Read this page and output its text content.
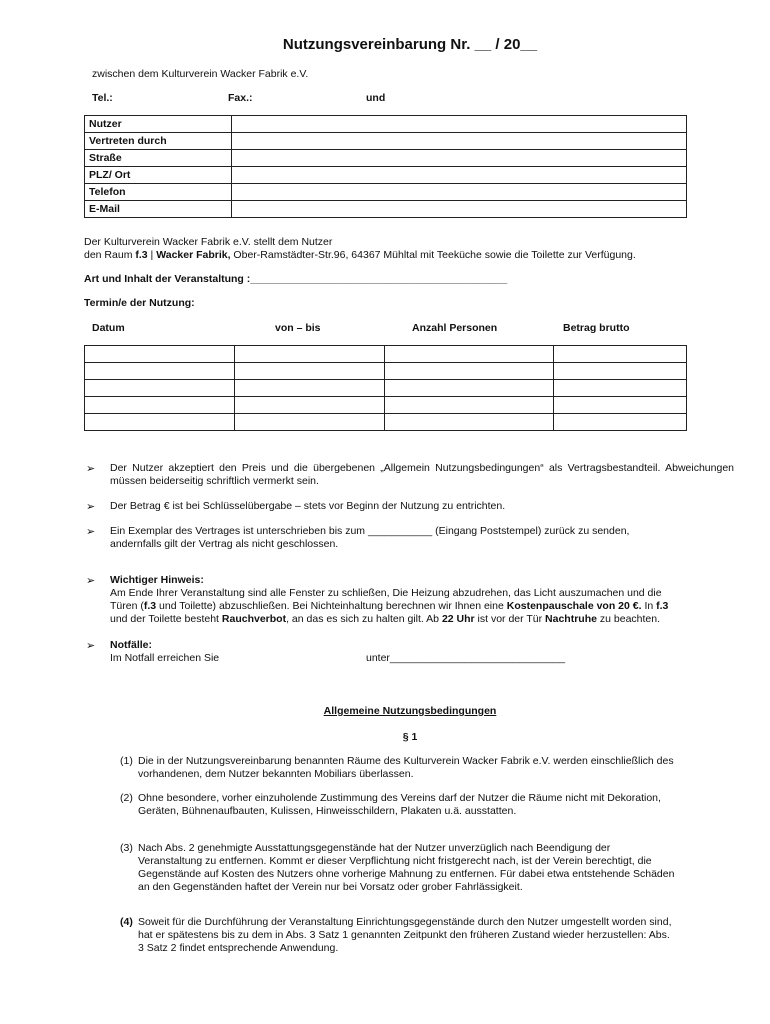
Nutzungsvereinbarung Nr. __ / 20__
zwischen dem Kulturverein Wacker Fabrik e.V.
Tel.:	Fax.:	und
Nutzer	
Vertreten durch	
Straße	
PLZ/ Ort	
Telefon	
E-Mail	
Der Kulturverein Wacker Fabrik e.V. stellt dem Nutzer
den Raum f.3 | Wacker Fabrik, Ober-Ramstädter-Str.96, 64367 Mühltal mit Teeküche sowie die Toilette zur Verfügung.
Art und Inhalt der Veranstaltung :____________________________________________
Termin/e der Nutzung:
Datum	von – bis	Anzahl Personen	Betrag brutto

➢ Der Nutzer akzeptiert den Preis und die übergebenen „Allgemein Nutzungsbedingungen“ als Vertragsbestandteil. Abweichungen müssen beiderseitig schriftlich vermerkt sein.
➢ Der Betrag € ist bei Schlüsselübergabe – stets vor Beginn der Nutzung zu entrichten.
➢ Ein Exemplar des Vertrages ist unterschrieben bis zum ___________ (Eingang Poststempel) zurück zu senden,
andernfalls gilt der Vertrag als nicht geschlossen.
➢ Wichtiger Hinweis:
Am Ende Ihrer Veranstaltung sind alle Fenster zu schließen, Die Heizung abzudrehen, das Licht auszumachen und die
Türen (f.3 und Toilette) abzuschließen. Bei Nichteinhaltung berechnen wir Ihnen eine Kostenpauschale von 20 €. In f.3
und der Toilette besteht Rauchverbot, an das es sich zu halten gilt. Ab 22 Uhr ist vor der Tür Nachtruhe zu beachten.
➢ Notfälle:
Im Notfall erreichen Sie	unter______________________________
Allgemeine Nutzungsbedingungen
§ 1
(1) Die in der Nutzungsvereinbarung benannten Räume des Kulturverein Wacker Fabrik e.V. werden einschließlich des
vorhandenen, dem Nutzer bekannten Mobiliars überlassen.
(2) Ohne besondere, vorher einzuholende Zustimmung des Vereins darf der Nutzer die Räume nicht mit Dekoration,
Geräten, Bühnenaufbauten, Kulissen, Hinweisschildern, Plakaten u.ä. ausstatten.
(3) Nach Abs. 2 genehmigte Ausstattungsgegenstände hat der Nutzer unverzüglich nach Beendigung der
Veranstaltung zu entfernen. Kommt er dieser Verpflichtung nicht fristgerecht nach, ist der Verein berechtigt, die
Gegenstände auf Kosten des Nutzers ohne vorherige Mahnung zu entfernen. Für dabei etwa entstehende Schäden
an den Gegenständen haftet der Verein nur bei Vorsatz oder grober Fahrlässigkeit.
(4) Soweit für die Durchführung der Veranstaltung Einrichtungsgegenstände durch den Nutzer umgestellt worden sind,
hat er spätestens bis zu dem in Abs. 3 Satz 1 genannten Zeitpunkt den früheren Zustand wieder herzustellen: Abs.
3 Satz 2 findet entsprechende Anwendung.
